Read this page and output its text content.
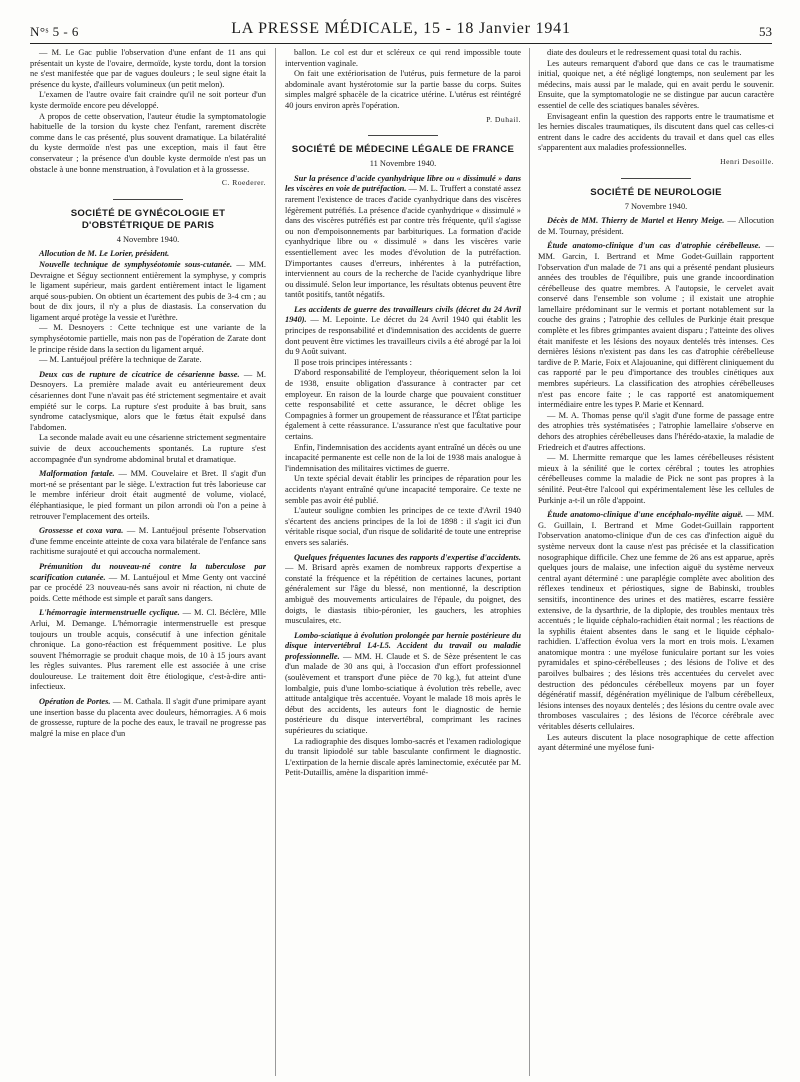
N°ˢ 5 - 6	LA PRESSE MÉDICALE, 15 - 18 Janvier 1941	53

— M. Le Gac publie l'observation d'une enfant de 11 ans qui présentait un kyste de l'ovaire, dermoïde, kyste tordu, dont la torsion ne s'est manifestée que par de vagues douleurs ; le seul signe était la présence du kyste, d'ailleurs volumineux (un petit melon).

L'examen de l'autre ovaire fait craindre qu'il ne soit porteur d'un kyste dermoïde encore peu développé.

A propos de cette observation, l'auteur étudie la symptomatologie habituelle de la torsion du kyste chez l'enfant, rarement discrète comme dans le cas présenté, plus souvent dramatique. La bilatéralité du kyste dermoïde n'est pas une exception, mais il faut être conservateur ; la présence d'un double kyste dermoïde n'est pas un obstacle à une bonne menstruation, à l'ovulation et à la grossesse.

C. Roederer.
SOCIÉTÉ DE GYNÉCOLOGIE ET D'OBSTÉTRIQUE DE PARIS

4 Novembre 1940.

Allocution de M. Le Lorier, président.

Nouvelle technique de symphyséotomie sous-cutanée. — MM. Devraigne et Séguy sectionnent entièrement la symphyse, y compris le ligament supérieur, mais gardent entièrement intact le ligament arqué sous-pubien. On obtient un écartement des pubis de 3-4 cm ; au bout de dix jours, il n'y a plus de diastasis. La conservation du ligament arqué protège la vessie et l'urèthre.

— M. Desnoyers : Cette technique est une variante de la symphyséotomie partielle, mais non pas de l'opération de Zarate dont le principe réside dans la section du ligament arqué.

— M. Lantuéjoul préfère la technique de Zarate.

Deux cas de rupture de cicatrice de césarienne basse. — M. Desnoyers. La première malade avait eu antérieurement deux césariennes dont l'une n'avait pas été strictement segmentaire et avait empiété sur le corps. La rupture s'est produite à bas bruit, sans syndrome cataclysmique, alors que le fœtus était expulsé dans l'abdomen.

La seconde malade avait eu une césarienne strictement segmentaire suivie de deux accouchements spontanés. La rupture s'est accompagnée d'un syndrome abdominal brutal et dramatique.

Malformation fœtale. — MM. Couvelaire et Bret. Il s'agit d'un mort-né se présentant par le siège. L'extraction fut très laborieuse car le membre inférieur droit était augmenté de volume, violacé, éléphantiasique, le pied formant un pilon arrondi où l'on a peine à retrouver l'emplacement des orteils.

Grossesse et coxa vara. — M. Lantuéjoul présente l'observation d'une femme enceinte atteinte de coxa vara bilatérale de l'enfance sans rachitisme surajouté et qui accoucha normalement.

Prémunition du nouveau-né contre la tuberculose par scarification cutanée. — M. Lantuéjoul et Mme Genty ont vacciné par ce procédé 23 nouveau-nés sans avoir ni réaction, ni chute de poids. Cette méthode est simple et paraît sans dangers.

L'hémorragie intermenstruelle cyclique. — M. Cl. Béclère, Mlle Arlui, M. Demange. L'hémorragie intermenstruelle est presque toujours un trouble acquis, consécutif à une infection génitale chronique. La gono-réaction est fréquemment positive. Le plus souvent l'hémorragie se produit chaque mois, de 10 à 15 jours avant les règles suivantes. Plus rarement elle est associée à une crise douloureuse. Le traitement doit être étiologique, c'est-à-dire anti-infectieux.

Opération de Portes. — M. Cathala. Il s'agit d'une primipare ayant une insertion basse du placenta avec douleurs, hémorragies. A 6 mois de grossesse, rupture de la poche des eaux, le travail ne progresse pas malgré la mise en place d'un

ballon. Le col est dur et scléreux ce qui rend impossible toute intervention vaginale.

On fait une extériorisation de l'utérus, puis fermeture de la paroi abdominale avant hystérotomie sur la partie basse du corps. Suites simples malgré sphacèle de la cicatrice utérine. L'utérus est réintégré 40 jours environ après l'opération.

P. Duhail.
SOCIÉTÉ DE MÉDECINE LÉGALE DE FRANCE

11 Novembre 1940.

Sur la présence d'acide cyanhydrique libre ou « dissimulé » dans les viscères en voie de putréfaction. — M. L. Truffert a constaté assez rarement l'existence de traces d'acide cyanhydrique dans des viscères légèrement putréfiés. La présence d'acide cyanhydrique « dissimulé » dans des viscères putréfiés est par contre très fréquente, qu'il s'agisse ou non d'empoisonnements par barbituriques. La formation d'acide cyanhydrique libre ou « dissimulé » dans les viscères varie essentiellement avec les modes d'évolution de la putréfaction. D'importantes causes d'erreurs, inhérentes à la putréfaction, interviennent au cours de la recherche de l'acide cyanhydrique libre ou dissimulé. Selon leur importance, les résultats obtenus peuvent être tantôt positifs, tantôt négatifs.

Les accidents de guerre des travailleurs civils (décret du 24 Avril 1940). — M. Lepointe. Le décret du 24 Avril 1940 qui établit les principes de responsabilité et d'indemnisation des accidents de guerre dont peuvent être victimes les travailleurs civils a été abrogé par la loi du 9 Août suivant.

Il pose trois principes intéressants :

D'abord responsabilité de l'employeur, théoriquement selon la loi de 1938, ensuite obligation d'assurance à contracter par cet employeur. En raison de la lourde charge que pouvaient constituer cette responsabilité et cette assurance, le décret oblige les Compagnies à former un groupement de réassurance et l'État participe également à cette réassurance. L'assurance n'est que facultative pour certains.

Enfin, l'indemnisation des accidents ayant entraîné un décès ou une incapacité permanente est celle non de la loi de 1938 mais analogue à l'indemnisation des militaires victimes de guerre.

Un texte spécial devait établir les principes de réparation pour les accidents n'ayant entraîné qu'une incapacité temporaire. Ce texte ne semble pas avoir été publié.

L'auteur souligne combien les principes de ce texte d'Avril 1940 s'écartent des anciens principes de la loi de 1898 : il s'agit ici d'un véritable risque social, d'un risque de solidarité de toute une entreprise envers ses salariés.

Quelques fréquentes lacunes des rapports d'expertise d'accidents. — M. Brisard après examen de nombreux rapports d'expertise a constaté la fréquence et la répétition de certaines lacunes, portant généralement sur l'âge du blessé, non mentionné, la description ambiguë des mouvements articulaires de l'épaule, du poignet, des doigts, le diastasis tibio-péronier, les gauchers, les atrophies musculaires, etc.

Lombo-sciatique à évolution prolongée par hernie postérieure du disque intervertébral L4-L5. Accident du travail ou maladie professionnelle. — MM. H. Claude et S. de Sèze présentent le cas d'un malade de 30 ans qui, à l'occasion d'un effort professionnel (soulèvement et transport d'une pièce de 70 kg.), fut atteint d'une lombalgie, puis d'une lombo-sciatique à évolution très rebelle, avec attitude antalgique très accentuée. Voyant le malade 18 mois après le début des accidents, les auteurs font le diagnostic de hernie postérieure du disque intervertébral, comprimant les racines supérieures du sciatique.

La radiographie des disques lombo-sacrés et l'examen radiologique du transit lipiodolé sur table basculante confirment le diagnostic. L'extirpation de la hernie discale après laminectomie, exécutée par M. Petit-Dutaillis, amène la disparition immé-

diate des douleurs et le redressement quasi total du rachis.

Les auteurs remarquent d'abord que dans ce cas le traumatisme initial, quoique net, a été négligé longtemps, non seulement par les médecins, mais aussi par le malade, qui en avait perdu le souvenir. Ensuite, que la symptomatologie ne se distingue par aucun caractère essentiel de celle des sciatiques banales sévères.

Envisageant enfin la question des rapports entre le traumatisme et les hernies discales traumatiques, ils discutent dans quel cas celles-ci entrent dans le cadre des accidents du travail et dans quel cas elles s'apparentent aux maladies professionnelles.

Henri Desoille.
SOCIÉTÉ DE NEUROLOGIE

7 Novembre 1940.

Décès de MM. Thierry de Martel et Henry Meige. — Allocution de M. Tournay, président.

Étude anatomo-clinique d'un cas d'atrophie cérébelleuse. — MM. Garcin, I. Bertrand et Mme Godet-Guillain rapportent l'observation d'un malade de 71 ans qui a présenté pendant plusieurs années des troubles de l'équilibre, puis une grande incoordination cérébelleuse des quatre membres. A l'autopsie, le cervelet avait conservé dans l'ensemble son volume ; il existait une atrophie lamellaire prédominant sur le vermis et portant notablement sur la couche des grains ; l'atrophie des cellules de Purkinje était presque complète et les fibres grimpantes avaient disparu ; l'atteinte des olives était manifeste et les lésions des noyaux dentelés très intenses. Ces dernières lésions n'existent pas dans les cas d'atrophie cérébelleuse tardive de P. Marie, Foix et Alajouanine, qui diffèrent cliniquement du cas rapporté par le peu d'importance des troubles cinétiques aux membres supérieurs. La classification des atrophies cérébelleuses n'est pas encore faite ; le cas rapporté est anatomiquement intermédiaire entre les types P. Marie et Kennard.

— M. A. Thomas pense qu'il s'agit d'une forme de passage entre des atrophies très systématisées ; l'atrophie lamellaire s'observe en dehors des atrophies cérébelleuses dans l'hérédo-ataxie, la maladie de Friedreich et d'autres affections.

— M. Lhermitte remarque que les lames cérébelleuses résistent mieux à la sénilité que le cortex cérébral ; toutes les atrophies cérébelleuses comme la maladie de Pick ne sont pas propres à la sénilité. Peut-être l'alcool qui expérimentalement lèse les cellules de Purkinje a-t-il un rôle d'appoint.

Étude anatomo-clinique d'une encéphalo-myélite aiguë. — MM. G. Guillain, I. Bertrand et Mme Godet-Guillain rapportent l'observation anatomo-clinique d'un de ces cas d'infection aiguë du système nerveux dont la cause n'est pas précisée et la classification nosographique difficile. Chez une femme de 26 ans est apparue, après quelques jours de malaise, une infection aiguë du système nerveux central ayant déterminé : une paraplégie complète avec abolition des réflexes tendineux et périostiques, signe de Babinski, troubles sensitifs, incontinence des urines et des matières, escarre fessière extensive, de la dysarthrie, de la diplopie, des troubles mentaux très accentués ; le liquide céphalo-rachidien était normal ; les réactions de la syphilis étaient absentes dans le sang et le liquide céphalo-rachidien. L'affection évolua vers la mort en trois mois. L'examen anatomique montra : une myélose funiculaire portant sur les voies pyramidales et spino-cérébelleuses ; des lésions de l'olive et des paroilves bulbaires ; des lésions très accentuées du cervelet avec destruction des pédoncules cérébelleux moyens par un foyer dégénératif massif, dégénération myélinique de l'album cérébelleux, lésions intenses des noyaux dentelés ; des lésions du centre ovale avec thromboses vasculaires ; des lésions de l'écorce cérébrale avec véritables déserts cellulaires.

Les auteurs discutent la place nosographique de cette affection ayant déterminé une myélose funi-
